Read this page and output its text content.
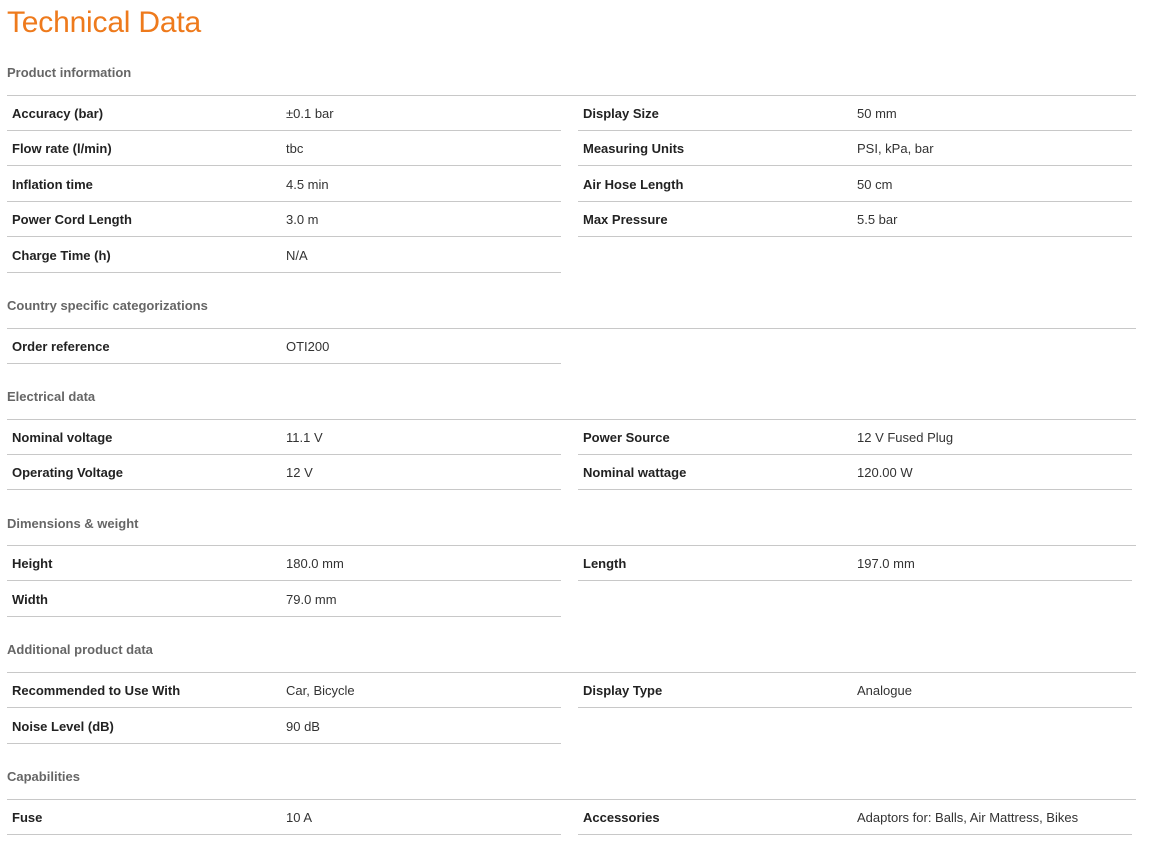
Technical Data
Product information
Accuracy (bar)	±0.1 bar
Flow rate (l/min)	tbc
Inflation time	4.5 min
Power Cord Length	3.0 m
Charge Time (h)	N/A
Display Size	50 mm
Measuring Units	PSI, kPa, bar
Air Hose Length	50 cm
Max Pressure	5.5 bar
Country specific categorizations
Order reference	OTI200
Electrical data
Nominal voltage	11.1 V
Operating Voltage	12 V
Power Source	12 V Fused Plug
Nominal wattage	120.00 W
Dimensions & weight
Height	180.0 mm
Width	79.0 mm
Length	197.0 mm
Additional product data
Recommended to Use With	Car, Bicycle
Noise Level (dB)	90 dB
Display Type	Analogue
Capabilities
Fuse	10 A	Accessories	Adaptors for: Balls, Air Mattress, Bikes
